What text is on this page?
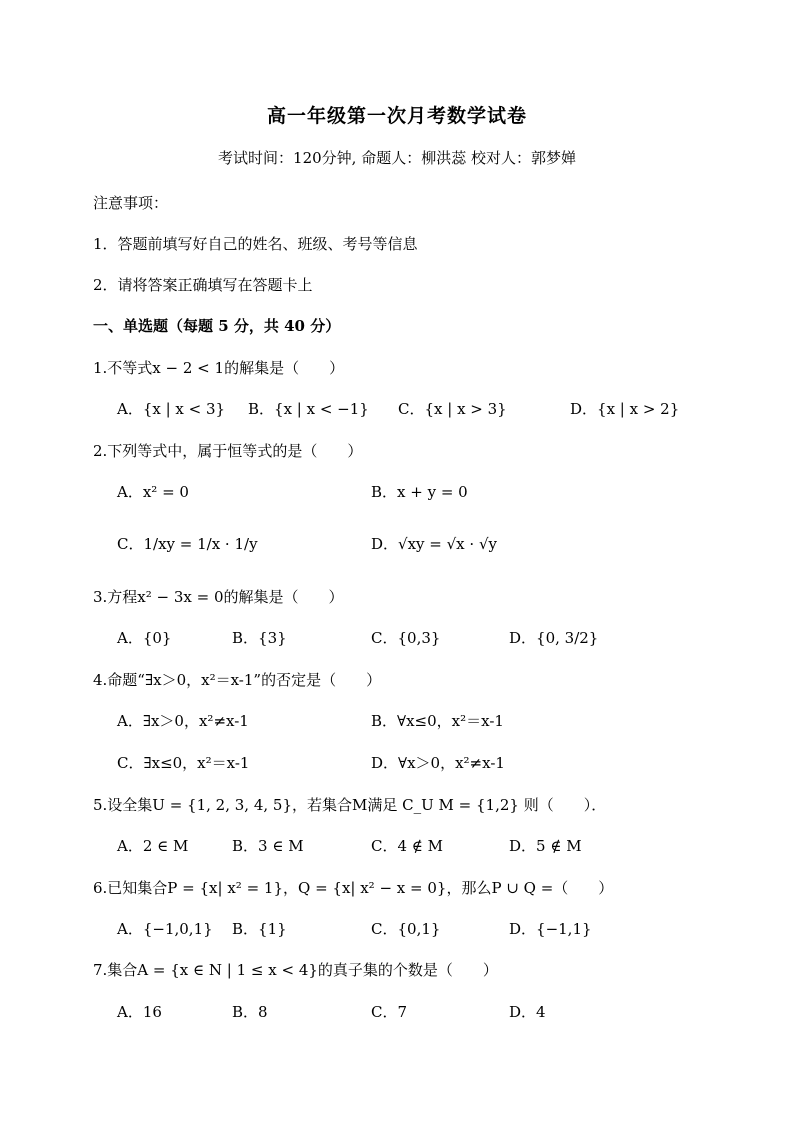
高一年级第一次月考数学试卷
考试时间：120分钟, 命题人：柳洪蕊 校对人：郭梦婵
注意事项：
1．答题前填写好自己的姓名、班级、考号等信息
2．请将答案正确填写在答题卡上
一、单选题（每题 5 分，共 40 分）
1.不等式x − 2 < 1的解集是（　　）
A．{x | x < 3} B．{x | x < −1} C．{x | x > 3}	D．{x | x > 2}
2.下列等式中，属于恒等式的是（　　）
A．x² = 0	B．x + y = 0
C．1/xy = 1/x · 1/y	D．√xy = √x · √y
3.方程x² − 3x = 0的解集是（　　）
A．{0}	B．{3}	C．{0,3}	D．{0, 3/2}
4.命题“∃x＞0，x²＝x-1”的否定是（　　）
A．∃x＞0，x²≠x-1	B．∀x≤0，x²＝x-1
C．∃x≤0，x²＝x-1	D．∀x＞0，x²≠x-1
5.设全集U = {1, 2, 3, 4, 5}，若集合M满足 C_U M = {1,2} 则（　　）．
A．2 ∈ M	B．3 ∈ M	C．4 ∉ M	D．5 ∉ M
6.已知集合P = {x| x² = 1}，Q = {x| x² − x = 0}，那么P ∪ Q =（　　）
A．{−1,0,1} B．{1}	C．{0,1}	D．{−1,1}
7.集合A = {x ∈ N | 1 ≤ x < 4}的真子集的个数是（　　）
A．16	B．8	C．7	D．4
